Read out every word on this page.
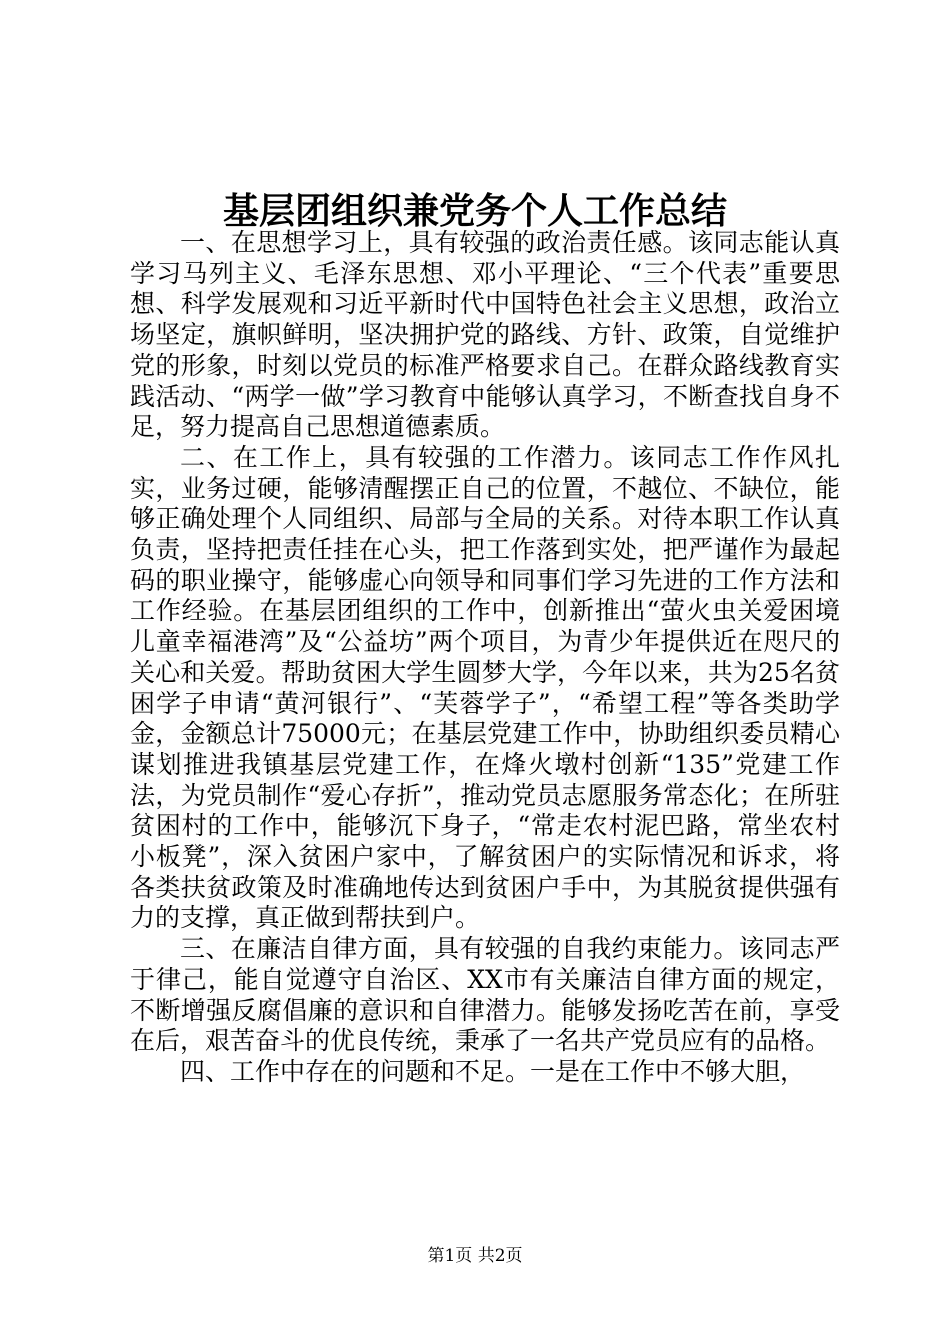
基层团组织兼党务个人工作总结

一、在思想学习上，具有较强的政治责任感。该同志能认真学习马列主义、毛泽东思想、邓小平理论、“三个代表”重要思想、科学发展观和习近平新时代中国特色社会主义思想，政治立场坚定，旗帜鲜明，坚决拥护党的路线、方针、政策，自觉维护党的形象，时刻以党员的标准严格要求自己。在群众路线教育实践活动、“两学一做”学习教育中能够认真学习，不断查找自身不足，努力提高自己思想道德素质。

二、在工作上，具有较强的工作潜力。该同志工作作风扎实，业务过硬，能够清醒摆正自己的位置，不越位、不缺位，能够正确处理个人同组织、局部与全局的关系。对待本职工作认真负责，坚持把责任挂在心头，把工作落到实处，把严谨作为最起码的职业操守，能够虚心向领导和同事们学习先进的工作方法和工作经验。在基层团组织的工作中，创新推出“萤火虫关爱困境儿童幸福港湾”及“公益坊”两个项目，为青少年提供近在咫尺的关心和关爱。帮助贫困大学生圆梦大学，今年以来，共为25名贫困学子申请“黄河银行”、“芙蓉学子”，“希望工程”等各类助学金，金额总计75000元；在基层党建工作中，协助组织委员精心谋划推进我镇基层党建工作，在烽火墩村创新“135”党建工作法，为党员制作“爱心存折”，推动党员志愿服务常态化；在所驻贫困村的工作中，能够沉下身子，“常走农村泥巴路，常坐农村小板凳”，深入贫困户家中，了解贫困户的实际情况和诉求，将各类扶贫政策及时准确地传达到贫困户手中，为其脱贫提供强有力的支撑，真正做到帮扶到户。

三、在廉洁自律方面，具有较强的自我约束能力。该同志严于律己，能自觉遵守自治区、XX市有关廉洁自律方面的规定，不断增强反腐倡廉的意识和自律潜力。能够发扬吃苦在前，享受在后，艰苦奋斗的优良传统，秉承了一名共产党员应有的品格。

四、工作中存在的问题和不足。一是在工作中不够大胆，

第1页 共2页
